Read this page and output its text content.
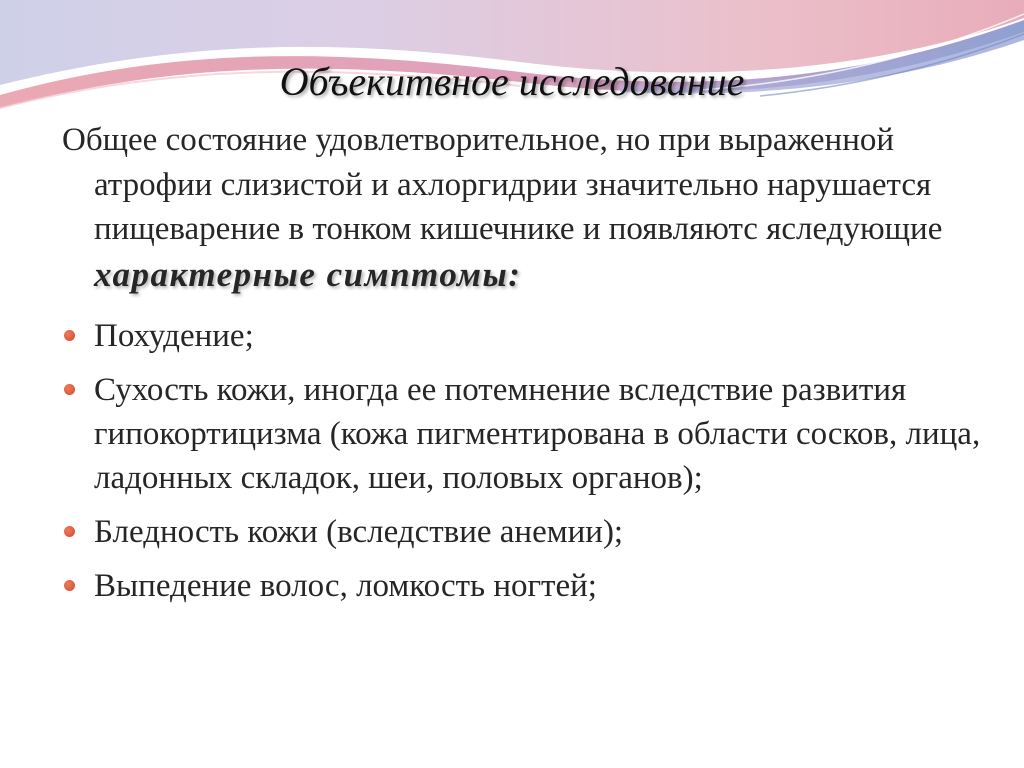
Объекитвное исследование

Общее состояние удовлетворительное, но при выраженной атрофии слизистой и ахлоргидрии значительно нарушается пищеварение в тонком кишечнике и появляютс яследующие
характерные симптомы:

Похудение;
Сухость кожи, иногда ее потемнение вследствие развития гипокортицизма (кожа пигментирована в области сосков, лица, ладонных складок, шеи, половых органов);
Бледность кожи (вследствие анемии);
Выпедение волос, ломкость ногтей;
